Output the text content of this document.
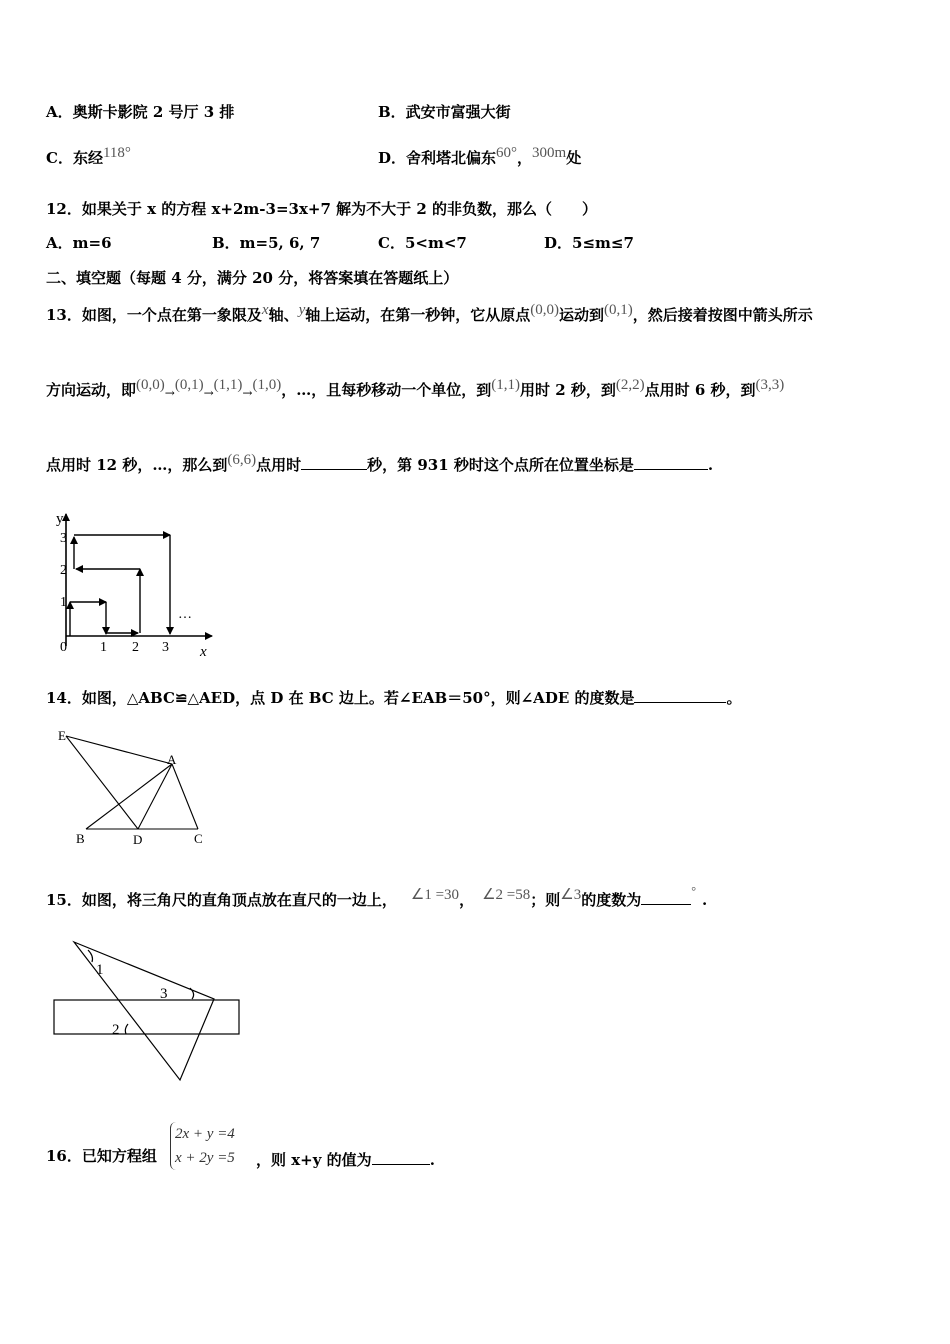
A．奥斯卡影院 2 号厅 3 排	B．武安市富强大街
C．东经118°	D．舍利塔北偏东60°，300m处
12．如果关于 x 的方程 x+2m-3=3x+7 解为不大于 2 的非负数，那么（　　）
A．m=6	B．m=5, 6, 7	C．5<m<7	D．5≤m≤7
二、填空题（每题 4 分，满分 20 分，将答案填在答题纸上）
13．如图，一个点在第一象限及x轴、y轴上运动，在第一秒钟，它从原点(0,0)运动到(0,1)，然后接着按图中箭头所示
方向运动，即(0,0)→(0,1)→(1,1)→(1,0)，…，且每秒移动一个单位，到(1,1)用时 2 秒，到(2,2)点用时 6 秒，到(3,3)
点用时 12 秒，…，那么到(6,6)点用时	秒，第 931 秒时这个点所在位置坐标是	.
y
x
3
2
1
0 1 2 3
…
14．如图，△ABC≌△AED，点 D 在 BC 边上。若∠EAB＝50°，则∠ADE 的度数是	。
E
A
B	D	C
15．如图，将三角尺的直角顶点放在直尺的一边上， ∠1 =30， ∠2 =58；则∠3的度数为	° .
1
3
2
16．已知方程组
2x + y =4
x + 2y =5 ，则 x+y 的值为	.
